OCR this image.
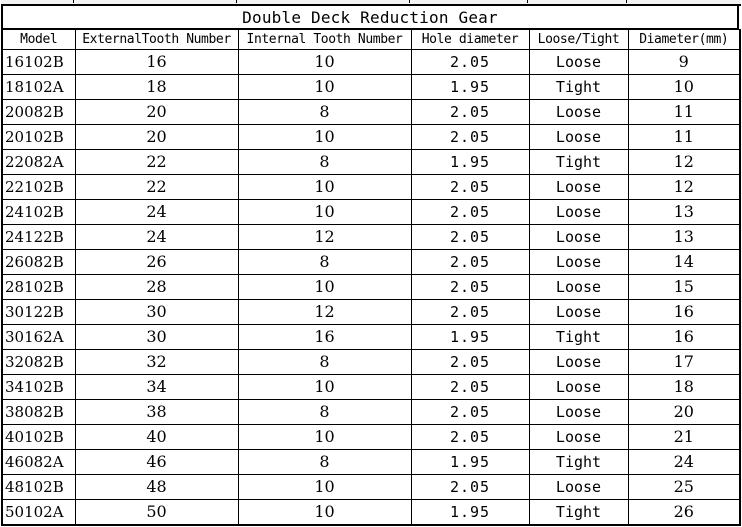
Double Deck Reduction Gear
Model	ExternalTooth Number	Internal Tooth Number	Hole diameter	Loose/Tight	Diameter(mm)
16102B	16	10	2.05	Loose	9
18102A	18	10	1.95	Tight	10
20082B	20	8	2.05	Loose	11
20102B	20	10	2.05	Loose	11
22082A	22	8	1.95	Tight	12
22102B	22	10	2.05	Loose	12
24102B	24	10	2.05	Loose	13
24122B	24	12	2.05	Loose	13
26082B	26	8	2.05	Loose	14
28102B	28	10	2.05	Loose	15
30122B	30	12	2.05	Loose	16
30162A	30	16	1.95	Tight	16
32082B	32	8	2.05	Loose	17
34102B	34	10	2.05	Loose	18
38082B	38	8	2.05	Loose	20
40102B	40	10	2.05	Loose	21
46082A	46	8	1.95	Tight	24
48102B	48	10	2.05	Loose	25
50102A	50	10	1.95	Tight	26
